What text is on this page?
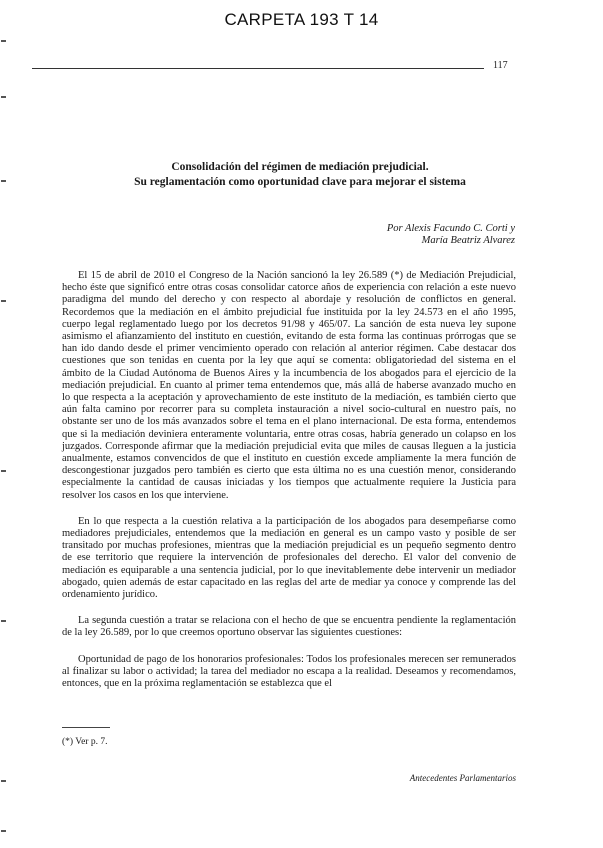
CARPETA 193 T 14
117
Consolidación del régimen de mediación prejudicial.
Su reglamentación como oportunidad clave para mejorar el sistema
Por Alexis Facundo C. Corti y
María Beatriz Alvarez

El 15 de abril de 2010 el Congreso de la Nación sancionó la ley 26.589 (*) de Mediación Prejudicial, hecho éste que significó entre otras cosas consolidar catorce años de experiencia con relación a este nuevo paradigma del mundo del derecho y con respecto al abordaje y resolución de conflictos en general. Recordemos que la mediación en el ámbito prejudicial fue instituida por la ley 24.573 en el año 1995, cuerpo legal reglamentado luego por los decretos 91/98 y 465/07. La sanción de esta nueva ley supone asimismo el afianzamiento del instituto en cuestión, evitando de esta forma las continuas prórrogas que se han ido dando desde el primer vencimiento operado con relación al anterior régimen. Cabe destacar dos cuestiones que son tenidas en cuenta por la ley que aquí se comenta: obligatoriedad del sistema en el ámbito de la Ciudad Autónoma de Buenos Aires y la incumbencia de los abogados para el ejercicio de la mediación prejudicial. En cuanto al primer tema entendemos que, más allá de haberse avanzado mucho en lo que respecta a la aceptación y aprovechamiento de este instituto de la mediación, es también cierto que aún falta camino por recorrer para su completa instauración a nivel socio-cultural en nuestro país, no obstante ser uno de los más avanzados sobre el tema en el plano internacional. De esta forma, entendemos que si la mediación deviniera enteramente voluntaria, entre otras cosas, habría generado un colapso en los juzgados. Corresponde afirmar que la mediación prejudicial evita que miles de causas lleguen a la justicia anualmente, estamos convencidos de que el instituto en cuestión excede ampliamente la mera función de descongestionar juzgados pero también es cierto que esta última no es una cuestión menor, considerando especialmente la cantidad de causas iniciadas y los tiempos que actualmente requiere la Justicia para resolver los casos en los que interviene.

En lo que respecta a la cuestión relativa a la participación de los abogados para desempeñarse como mediadores prejudiciales, entendemos que la mediación en general es un campo vasto y posible de ser transitado por muchas profesiones, mientras que la mediación prejudicial es un pequeño segmento dentro de ese territorio que requiere la intervención de profesionales del derecho. El valor del convenio de mediación es equiparable a una sentencia judicial, por lo que inevitablemente debe intervenir un mediador abogado, quien además de estar capacitado en las reglas del arte de mediar ya conoce y comprende las del ordenamiento jurídico.

La segunda cuestión a tratar se relaciona con el hecho de que se encuentra pendiente la reglamentación de la ley 26.589, por lo que creemos oportuno observar las siguientes cuestiones:

Oportunidad de pago de los honorarios profesionales: Todos los profesionales merecen ser remunerados al finalizar su labor o actividad; la tarea del mediador no escapa a la realidad. Deseamos y recomendamos, entonces, que en la próxima reglamentación se establezca que el

(*) Ver p. 7.
Antecedentes Parlamentarios
